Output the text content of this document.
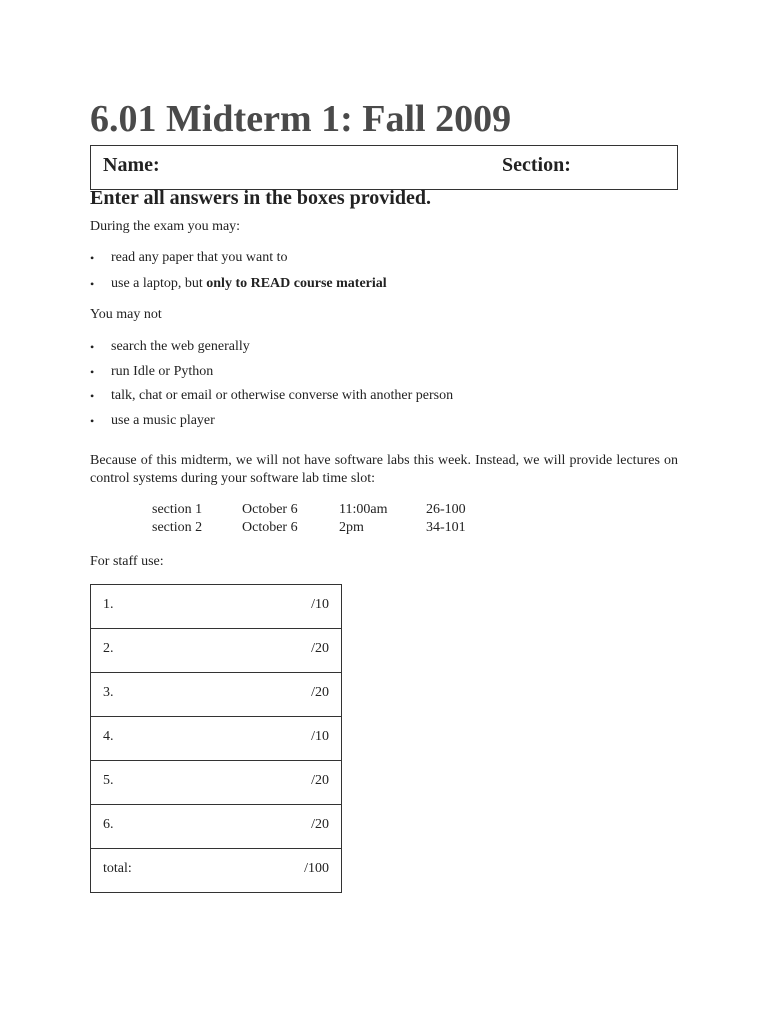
6.01 Midterm 1: Fall 2009
Name:	Section:
Enter all answers in the boxes provided.

During the exam you may:

• read any paper that you want to
• use a laptop, but only to READ course material

You may not

• search the web generally
• run Idle or Python
• talk, chat or email or otherwise converse with another person
• use a music player

Because of this midterm, we will not have software labs this week. Instead, we will provide lectures on control systems during your software lab time slot:

section 1	October 6	11:00am	26-100
section 2	October 6	2pm	34-101

For staff use:

1.	/10
2.	/20
3.	/20
4.	/10
5.	/20
6.	/20
total:	/100
